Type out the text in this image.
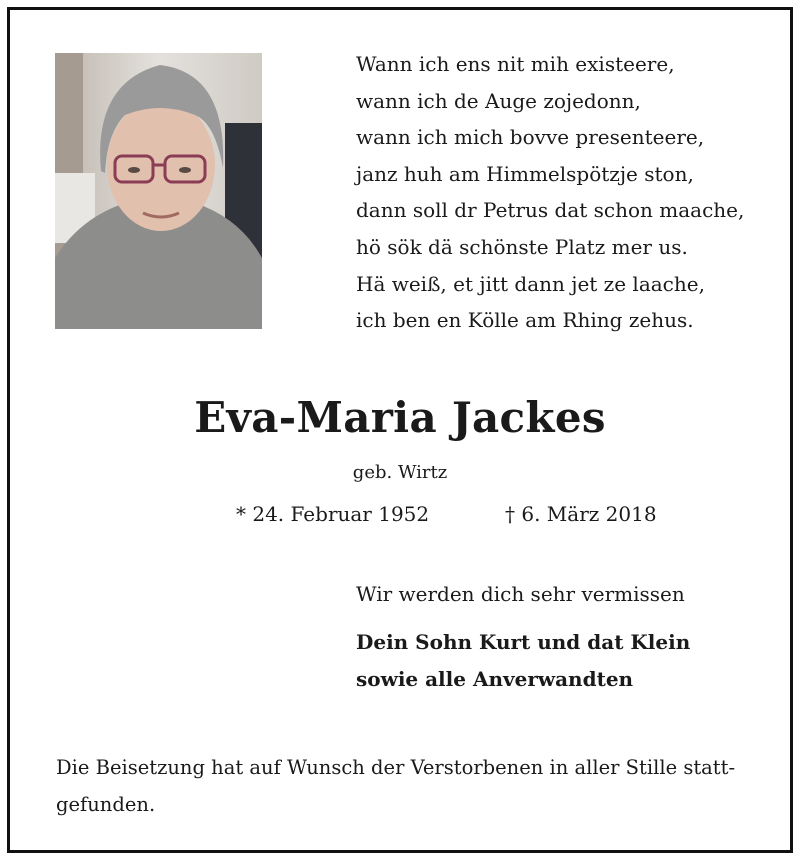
Wann ich ens nit mih existeere,
wann ich de Auge zojedonn,
wann ich mich bovve presenteere,
janz huh am Himmelspötzje ston,
dann soll dr Petrus dat schon maache,
hö sök dä schönste Platz mer us.
Hä weiß, et jitt dann jet ze laache,
ich ben en Kölle am Rhing zehus.
Eva-Maria Jackes
geb. Wirtz
* 24. Februar 1952	† 6. März 2018
Wir werden dich sehr vermissen
Dein Sohn Kurt und dat Klein
sowie alle Anverwandten
Die Beisetzung hat auf Wunsch der Verstorbenen in aller Stille statt-
gefunden.
